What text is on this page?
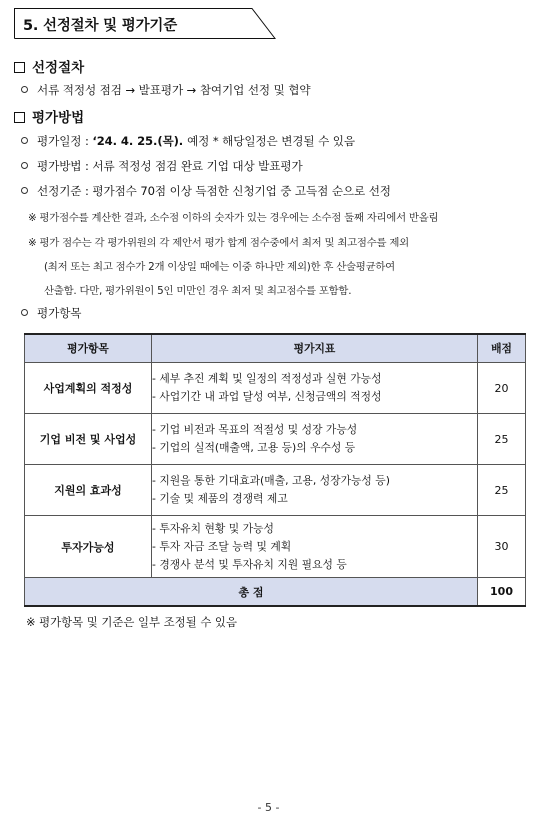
5. 선정절차 및 평가기준
선정절차
서류 적정성 점검 → 발표평가 → 참여기업 선정 및 협약
평가방법
평가일정 : ‘24. 4. 25.(목). 예정 * 해당일정은 변경될 수 있음
평가방법 : 서류 적정성 점검 완료 기업 대상 발표평가
선정기준 : 평가점수 70점 이상 득점한 신청기업 중 고득점 순으로 선정
※ 평가점수를 계산한 결과, 소수점 이하의 숫자가 있는 경우에는 소수점 둘째 자리에서 반올림
※ 평가 점수는 각 평가위원의 각 제안서 평가 합계 점수중에서 최저 및 최고점수를 제외
(최저 또는 최고 점수가 2개 이상일 때에는 이중 하나만 제외)한 후 산술평균하여
산출함. 다만, 평가위원이 5인 미만인 경우 최저 및 최고점수를 포함함.
평가항목
평가항목	평가지표	배점
사업계획의 적정성	- 세부 추진 계획 및 일정의 적정성과 실현 가능성
- 사업기간 내 과업 달성 여부, 신청금액의 적정성	20
기업 비전 및 사업성	- 기업 비전과 목표의 적절성 및 성장 가능성
- 기업의 실적(매출액, 고용 등)의 우수성 등	25
지원의 효과성	- 지원을 통한 기대효과(매출, 고용, 성장가능성 등)
- 기술 및 제품의 경쟁력 제고	25
투자가능성	- 투자유치 현황 및 가능성
- 투자 자금 조달 능력 및 계획
- 경쟁사 분석 및 투자유치 지원 필요성 등	30
총 점		100
※ 평가항목 및 기준은 일부 조정될 수 있음
- 5 -
